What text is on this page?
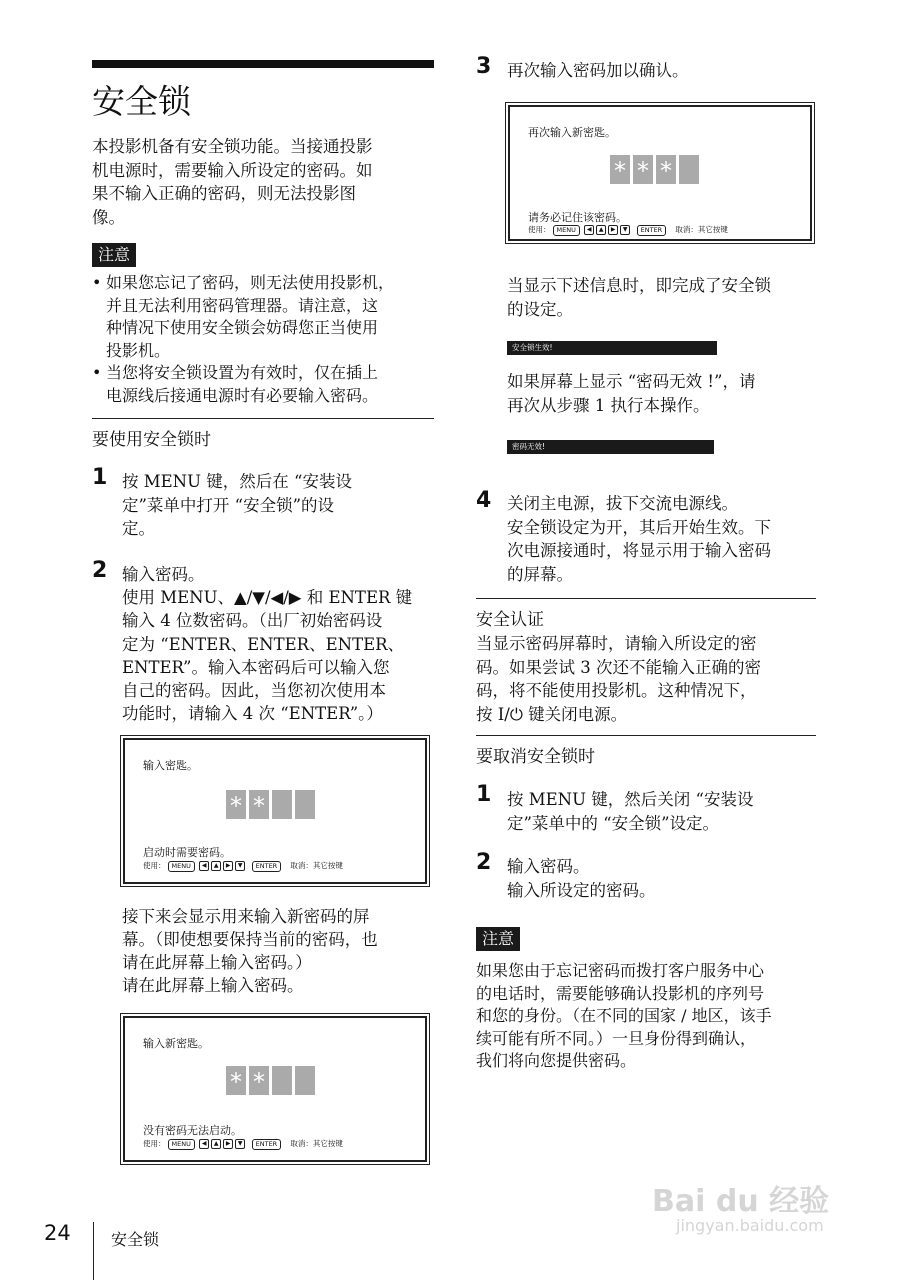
安全锁
本投影机备有安全锁功能。当接通投影
机电源时，需要输入所设定的密码。如
果不输入正确的密码，则无法投影图
像。
注意
• 如果您忘记了密码，则无法使用投影机，
并且无法利用密码管理器。请注意，这
种情况下使用安全锁会妨碍您正当使用
投影机。
• 当您将安全锁设置为有效时，仅在插上
电源线后接通电源时有必要输入密码。
要使用安全锁时
1 按 MENU 键，然后在 “安装设
定”菜单中打开 “安全锁”的设
定。
2 输入密码。
使用 MENU、▲/▼/◀/▶ 和 ENTER 键
输入 4 位数密码。（出厂初始密码设
定为 “ENTER、ENTER、ENTER、
ENTER”。输入本密码后可以输入您
自己的密码。因此，当您初次使用本
功能时，请输入 4 次 “ENTER”。）
输入密匙。
* *
启动时需要密码。
使用： MENU ◀ ▲ ▶ ▼ ENTER 取消：其它按键
接下来会显示用来输入新密码的屏
幕。（即使想要保持当前的密码，也
请在此屏幕上输入密码。）
请在此屏幕上输入密码。
输入新密匙。
* *
没有密码无法启动。
使用： MENU ◀ ▲ ▶ ▼ ENTER 取消：其它按键
3 再次输入密码加以确认。
再次输入新密匙。
* * *
请务必记住该密码。
使用： MENU ◀ ▲ ▶ ▼ ENTER 取消：其它按键
当显示下述信息时，即完成了安全锁
的设定。
安全锁生效!
如果屏幕上显示 “密码无效 !”，请
再次从步骤 1 执行本操作。
密码无效!
4 关闭主电源，拔下交流电源线。
安全锁设定为开，其后开始生效。下
次电源接通时，将显示用于输入密码
的屏幕。
安全认证
当显示密码屏幕时，请输入所设定的密
码。如果尝试 3 次还不能输入正确的密
码，将不能使用投影机。这种情况下，
按 I/⏻ 键关闭电源。
要取消安全锁时
1 按 MENU 键，然后关闭 “安装设
定”菜单中的 “安全锁”设定。
2 输入密码。
输入所设定的密码。
注意
如果您由于忘记密码而拨打客户服务中心
的电话时，需要能够确认投影机的序列号
和您的身份。（在不同的国家 / 地区，该手
续可能有所不同。）一旦身份得到确认，
我们将向您提供密码。
24	安全锁
Bai du 经验
jingyan.baidu.com
